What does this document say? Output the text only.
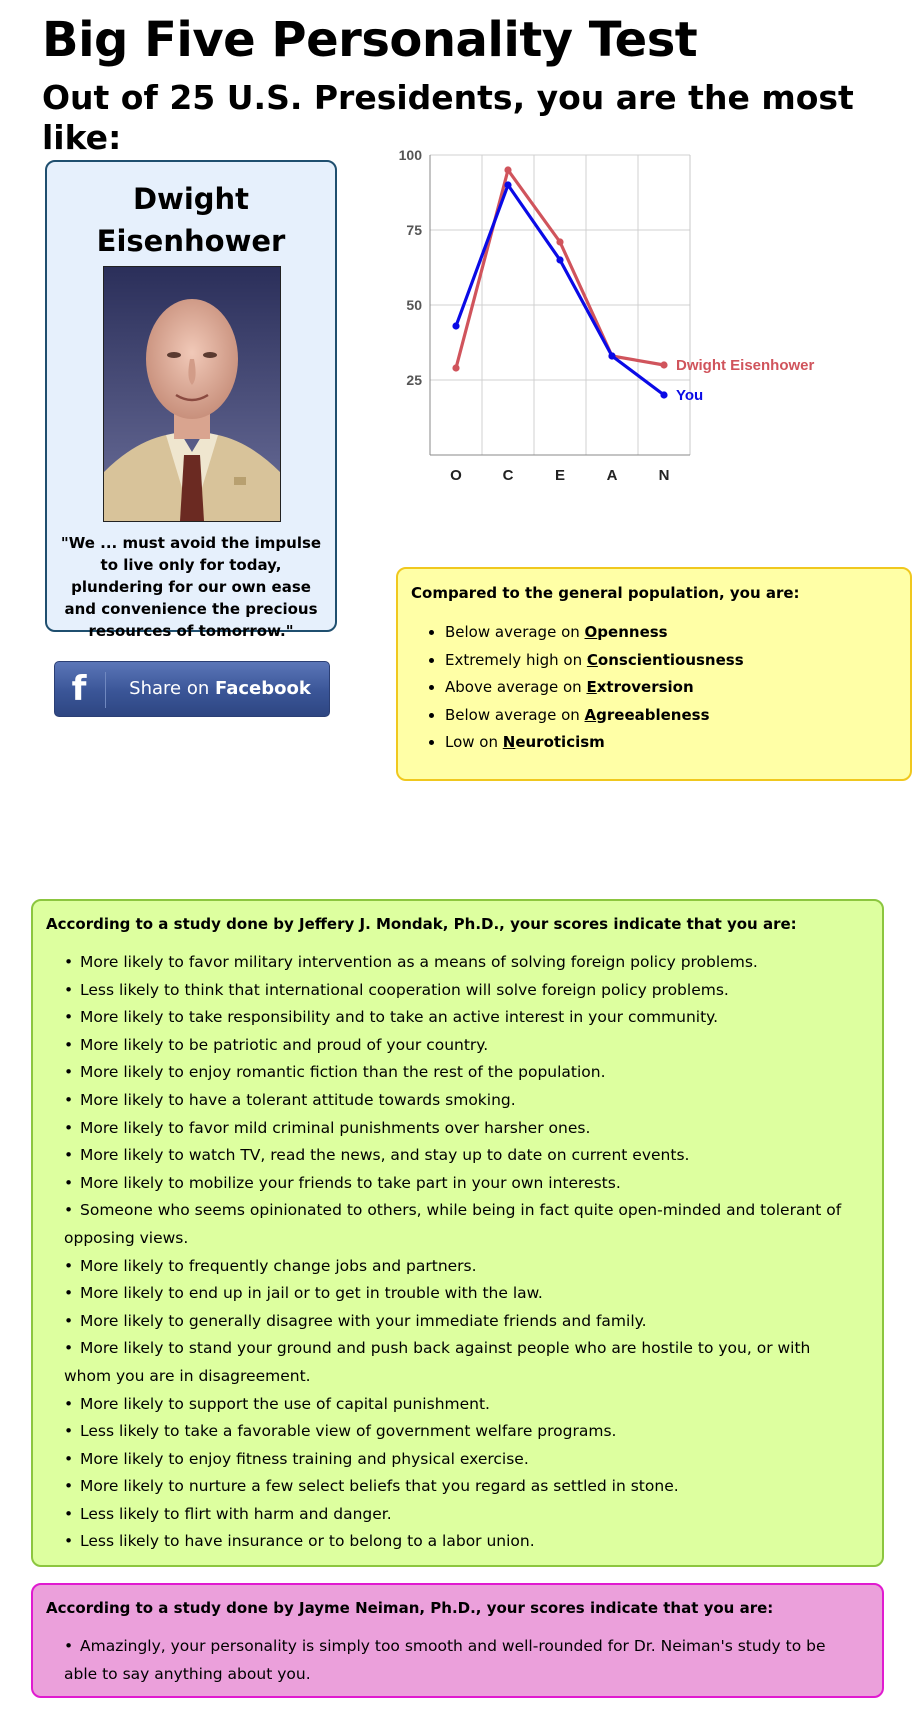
Big Five Personality Test
Out of 25 U.S. Presidents, you are the most like:
Dwight Eisenhower
"We ... must avoid the impulse to live only for today, plundering for our own ease and convenience the precious resources of tomorrow."
f	Share on Facebook
25
50
75
100
O	C	E	A	N
Dwight Eisenhower
You

Compared to the general population, you are:

• Below average on Openness
• Extremely high on Conscientiousness
• Above average on Extroversion
• Below average on Agreeableness
• Low on Neuroticism

According to a study done by Jeffery J. Mondak, Ph.D., your scores indicate that you are:

• More likely to favor military intervention as a means of solving foreign policy problems.
• Less likely to think that international cooperation will solve foreign policy problems.
• More likely to take responsibility and to take an active interest in your community.
• More likely to be patriotic and proud of your country.
• More likely to enjoy romantic fiction than the rest of the population.
• More likely to have a tolerant attitude towards smoking.
• More likely to favor mild criminal punishments over harsher ones.
• More likely to watch TV, read the news, and stay up to date on current events.
• More likely to mobilize your friends to take part in your own interests.
• Someone who seems opinionated to others, while being in fact quite open-minded and tolerant of opposing views.
• More likely to frequently change jobs and partners.
• More likely to end up in jail or to get in trouble with the law.
• More likely to generally disagree with your immediate friends and family.
• More likely to stand your ground and push back against people who are hostile to you, or with whom you are in disagreement.
• More likely to support the use of capital punishment.
• Less likely to take a favorable view of government welfare programs.
• More likely to enjoy fitness training and physical exercise.
• More likely to nurture a few select beliefs that you regard as settled in stone.
• Less likely to flirt with harm and danger.
• Less likely to have insurance or to belong to a labor union.

According to a study done by Jayme Neiman, Ph.D., your scores indicate that you are:

• Amazingly, your personality is simply too smooth and well-rounded for Dr. Neiman's study to be able to say anything about you.
